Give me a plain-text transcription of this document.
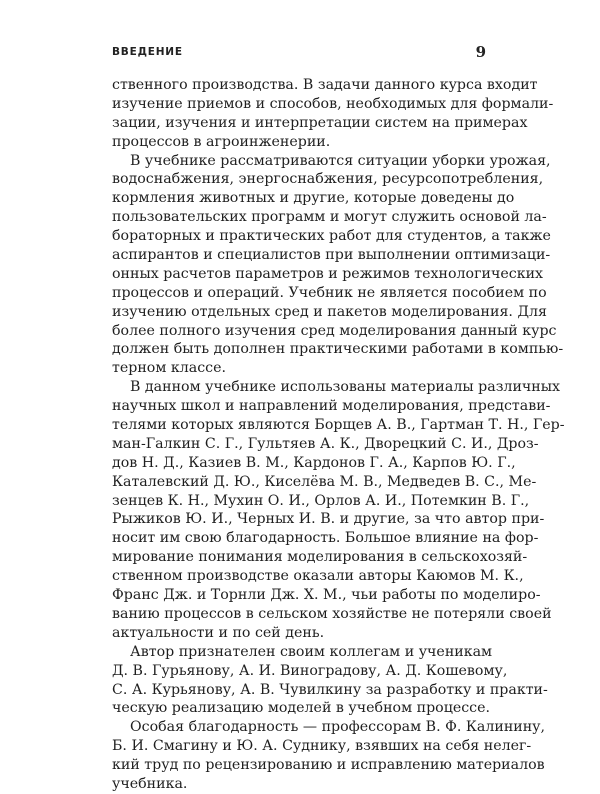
ВВЕДЕНИЕ	9
ственного производства. В задачи данного курса входит
изучение приемов и способов, необходимых для формали-
зации, изучения и интерпретации систем на примерах
процессов в агроинженерии.
В учебнике рассматриваются ситуации уборки урожая,
водоснабжения, энергоснабжения, ресурсопотребления,
кормления животных и другие, которые доведены до
пользовательских программ и могут служить основой ла-
бораторных и практических работ для студентов, а также
аспирантов и специалистов при выполнении оптимизаци-
онных расчетов параметров и режимов технологических
процессов и операций. Учебник не является пособием по
изучению отдельных сред и пакетов моделирования. Для
более полного изучения сред моделирования данный курс
должен быть дополнен практическими работами в компью-
терном классе.
В данном учебнике использованы материалы различных
научных школ и направлений моделирования, представи-
телями которых являются Борщев А. В., Гартман Т. Н., Гер-
ман-Галкин С. Г., Гультяев А. К., Дворецкий С. И., Дроз-
дов Н. Д., Казиев В. М., Кардонов Г. А., Карпов Ю. Г.,
Каталевский Д. Ю., Киселёва М. В., Медведев В. С., Ме-
зенцев К. Н., Мухин О. И., Орлов А. И., Потемкин В. Г.,
Рыжиков Ю. И., Черных И. В. и другие, за что автор при-
носит им свою благодарность. Большое влияние на фор-
мирование понимания моделирования в сельскохозяй-
ственном производстве оказали авторы Каюмов М. К.,
Франс Дж. и Торнли Дж. Х. М., чьи работы по моделиро-
ванию процессов в сельском хозяйстве не потеряли своей
актуальности и по сей день.
Автор признателен своим коллегам и ученикам
Д. В. Гурьянову, А. И. Виноградову, А. Д. Кошевому,
С. А. Курьянову, А. В. Чувилкину за разработку и практи-
ческую реализацию моделей в учебном процессе.
Особая благодарность — профессорам В. Ф. Калинину,
Б. И. Смагину и Ю. А. Суднику, взявших на себя нелег-
кий труд по рецензированию и исправлению материалов
учебника.
